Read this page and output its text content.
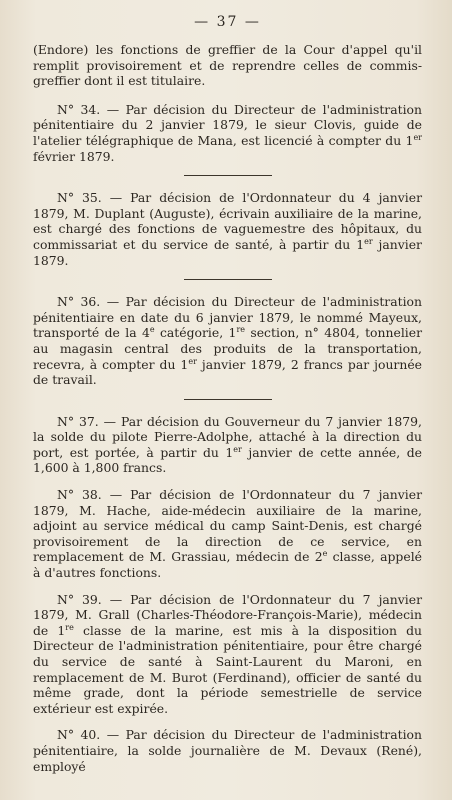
— 37 —

(Endore) les fonctions de greffier de la Cour d'appel qu'il remplit provisoirement et de reprendre celles de commis-greffier dont il est titulaire.

N° 34. — Par décision du Directeur de l'administration pénitentiaire du 2 janvier 1879, le sieur Clovis, guide de l'atelier télégraphique de Mana, est licencié à compter du 1er février 1879.

N° 35. — Par décision de l'Ordonnateur du 4 janvier 1879, M. Duplant (Auguste), écrivain auxiliaire de la marine, est chargé des fonctions de vaguemestre des hôpitaux, du commissariat et du service de santé, à partir du 1er janvier 1879.

N° 36. — Par décision du Directeur de l'administration pénitentiaire en date du 6 janvier 1879, le nommé Mayeux, transporté de la 4e catégorie, 1re section, n° 4804, tonnelier au magasin central des produits de la transportation, recevra, à compter du 1er janvier 1879, 2 francs par journée de travail.

N° 37. — Par décision du Gouverneur du 7 janvier 1879, la solde du pilote Pierre-Adolphe, attaché à la direction du port, est portée, à partir du 1er janvier de cette année, de 1,600 à 1,800 francs.

N° 38. — Par décision de l'Ordonnateur du 7 janvier 1879, M. Hache, aide-médecin auxiliaire de la marine, adjoint au service médical du camp Saint-Denis, est chargé provisoirement de la direction de ce service, en remplacement de M. Grassiau, médecin de 2e classe, appelé à d'autres fonctions.

N° 39. — Par décision de l'Ordonnateur du 7 janvier 1879, M. Grall (Charles-Théodore-François-Marie), médecin de 1re classe de la marine, est mis à la disposition du Directeur de l'administration pénitentiaire, pour être chargé du service de santé à Saint-Laurent du Maroni, en remplacement de M. Burot (Ferdinand), officier de santé du même grade, dont la période semestrielle de service extérieur est expirée.

N° 40. — Par décision du Directeur de l'administration pénitentiaire, la solde journalière de M. Devaux (René), employé
